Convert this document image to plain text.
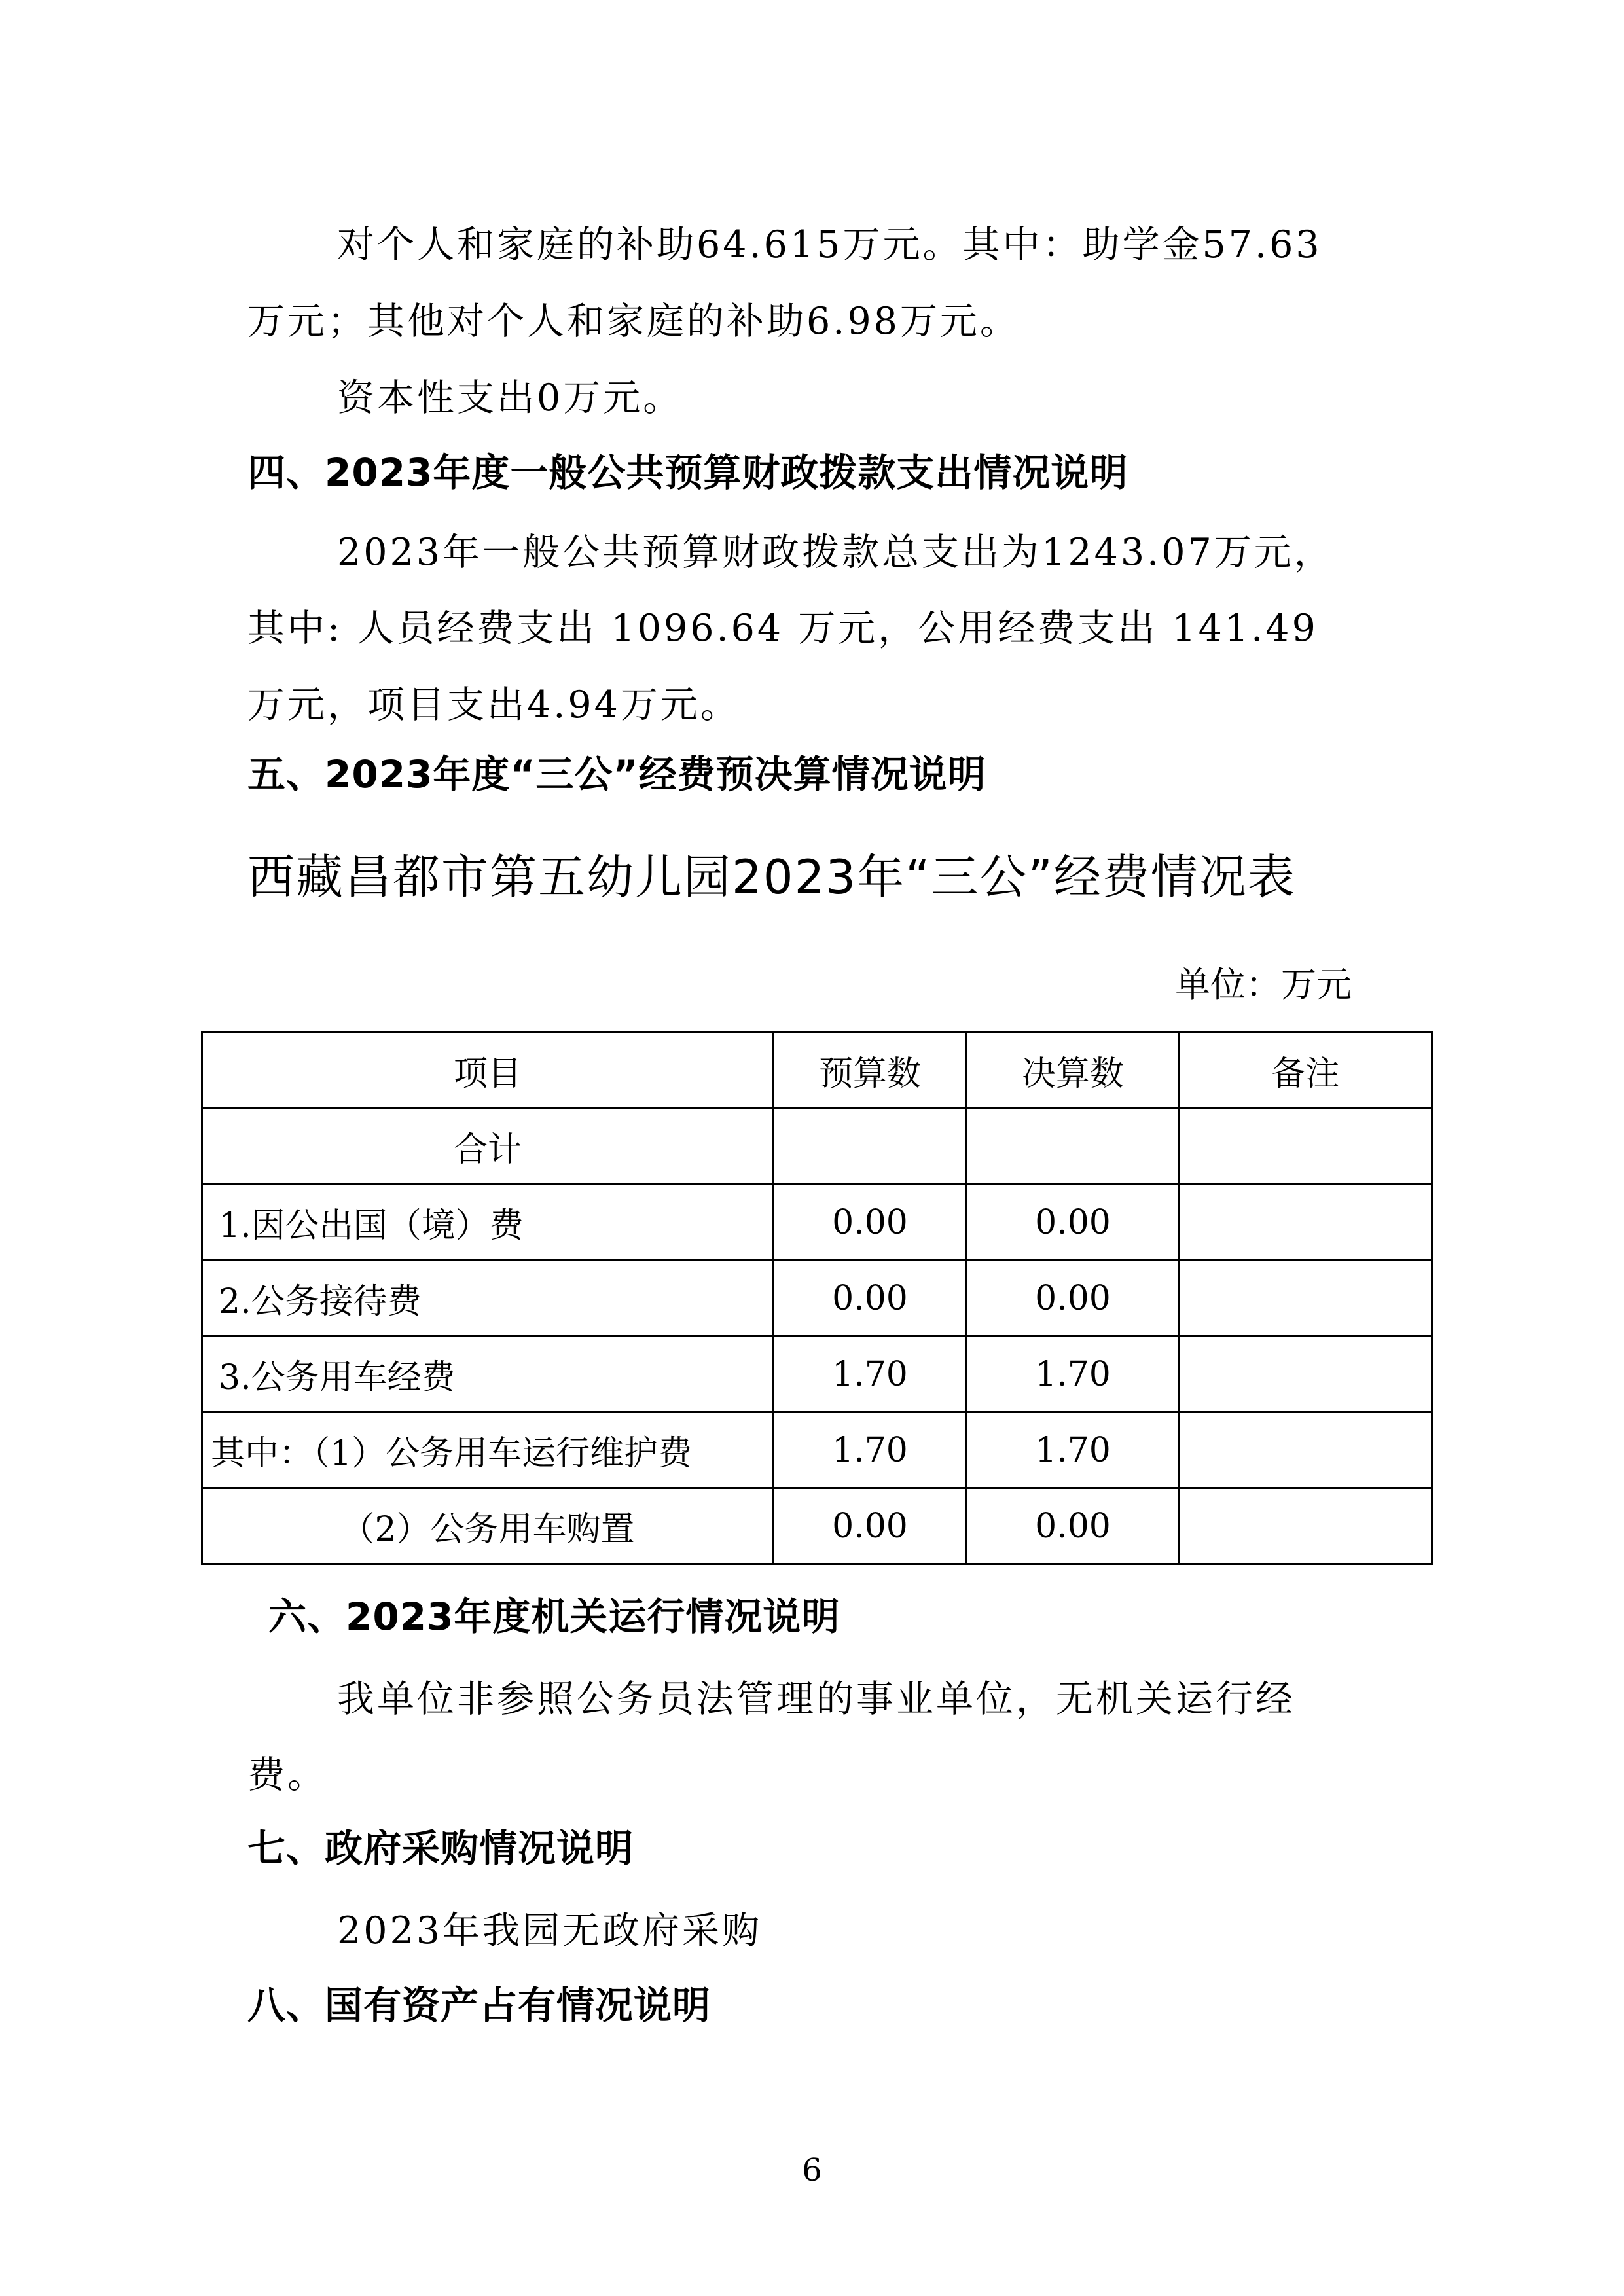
对个人和家庭的补助64.615万元。其中：助学金57.63
万元；其他对个人和家庭的补助6.98万元。
资本性支出0万元。
四、2023年度一般公共预算财政拨款支出情况说明
2023年一般公共预算财政拨款总支出为1243.07万元，
其中: 人员经费支出 1096.64 万元，公用经费支出 141.49
万元，项目支出4.94万元。
五、2023年度“三公”经费预决算情况说明
西藏昌都市第五幼儿园2023年“三公”经费情况表
单位：万元
项目	预算数	决算数	备注
合计			
1.因公出国（境）费	0.00	0.00	
2.公务接待费	0.00	0.00	
3.公务用车经费	1.70	1.70	
其中：（1）公务用车运行维护费	1.70	1.70	
（2）公务用车购置	0.00	0.00	
六、2023年度机关运行情况说明
我单位非参照公务员法管理的事业单位，无机关运行经
费。
七、政府采购情况说明
2023年我园无政府采购
八、国有资产占有情况说明
6
